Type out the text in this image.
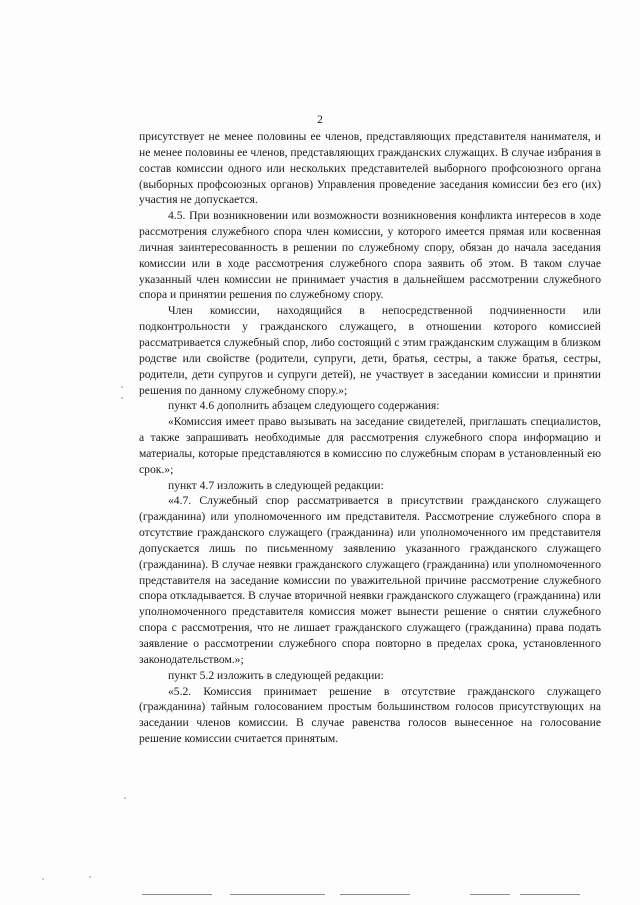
2

присутствует не менее половины ее членов, представляющих представителя нанимателя, и не менее половины ее членов, представляющих гражданских служащих. В случае избрания в состав комиссии одного или нескольких представителей выборного профсоюзного органа (выборных профсоюзных органов) Управления проведение заседания комиссии без его (их) участия не допускается.

4.5. При возникновении или возможности возникновения конфликта интересов в ходе рассмотрения служебного спора член комиссии, у которого имеется прямая или косвенная личная заинтересованность в решении по служебному спору, обязан до начала заседания комиссии или в ходе рассмотрения служебного спора заявить об этом. В таком случае указанный член комиссии не принимает участия в дальнейшем рассмотрении служебного спора и принятии решения по служебному спору.

Член комиссии, находящийся в непосредственной подчиненности или подконтрольности у гражданского служащего, в отношении которого комиссией рассматривается служебный спор, либо состоящий с этим гражданским служащим в близком родстве или свойстве (родители, супруги, дети, братья, сестры, а также братья, сестры, родители, дети супругов и супруги детей), не участвует в заседании комиссии и принятии решения по данному служебному спору.»;

пункт 4.6 дополнить абзацем следующего содержания:

«Комиссия имеет право вызывать на заседание свидетелей, приглашать специалистов, а также запрашивать необходимые для рассмотрения служебного спора информацию и материалы, которые представляются в комиссию по служебным спорам в установленный ею срок.»;

пункт 4.7 изложить в следующей редакции:

«4.7. Служебный спор рассматривается в присутствии гражданского служащего (гражданина) или уполномоченного им представителя. Рассмотрение служебного спора в отсутствие гражданского служащего (гражданина) или уполномоченного им представителя допускается лишь по письменному заявлению указанного гражданского служащего (гражданина). В случае неявки гражданского служащего (гражданина) или уполномоченного представителя на заседание комиссии по уважительной причине рассмотрение служебного спора откладывается. В случае вторичной неявки гражданского служащего (гражданина) или уполномоченного представителя комиссия может вынести решение о снятии служебного спора с рассмотрения, что не лишает гражданского служащего (гражданина) права подать заявление о рассмотрении служебного спора повторно в пределах срока, установленного законодательством.»;

пункт 5.2 изложить в следующей редакции:

«5.2. Комиссия принимает решение в отсутствие гражданского служащего (гражданина) тайным голосованием простым большинством голосов присутствующих на заседании членов комиссии. В случае равенства голосов вынесенное на голосование решение комиссии считается принятым.
